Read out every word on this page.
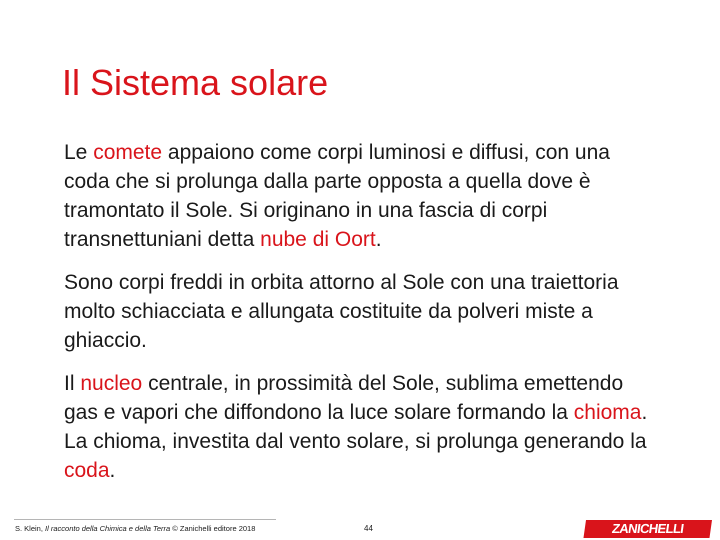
Il Sistema solare

Le comete appaiono come corpi luminosi e diffusi, con una coda che si prolunga dalla parte opposta a quella dove è tramontato il Sole. Si originano in una fascia di corpi transnettuniani detta nube di Oort.

Sono corpi freddi in orbita attorno al Sole con una traiettoria molto schiacciata e allungata costituite da polveri miste a ghiaccio.

Il nucleo centrale, in prossimità del Sole, sublima emettendo gas e vapori che diffondono la luce solare formando la chioma. La chioma, investita dal vento solare, si prolunga generando la coda.

S. Klein, Il racconto della Chimica e della Terra © Zanichelli editore 2018	44	ZANICHELLI
